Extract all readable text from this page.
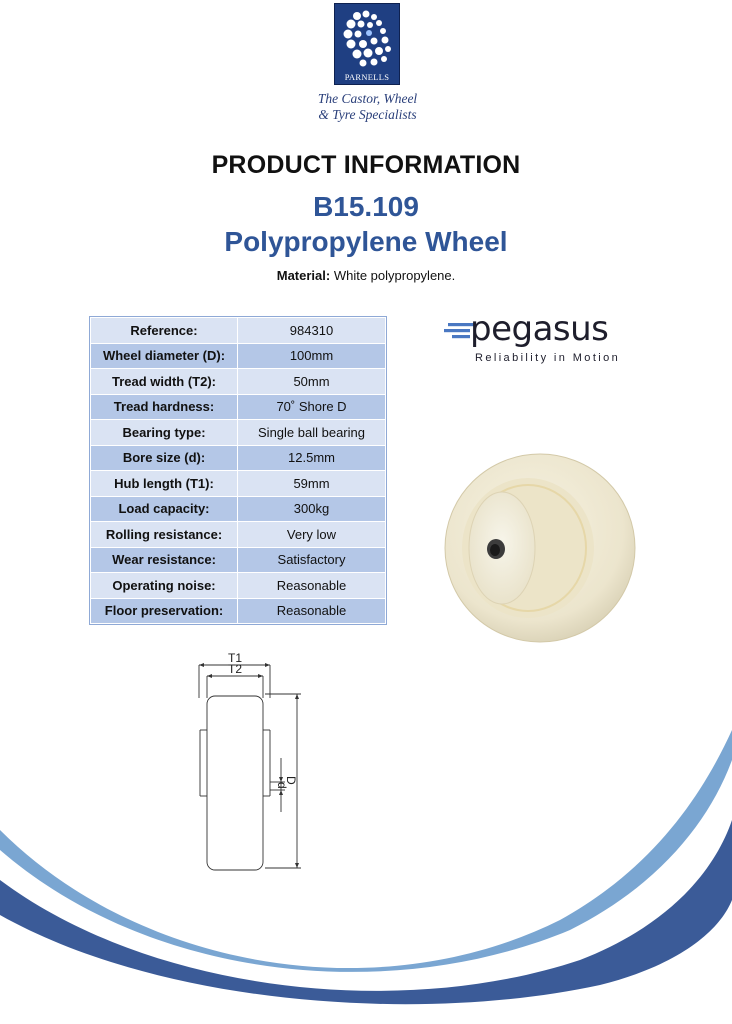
PARNELLS
The Castor, Wheel
& Tyre Specialists
PRODUCT INFORMATION
B15.109
Polypropylene Wheel
Material: White polypropylene.
Reference:	984310
Wheel diameter (D):	100mm
Tread width (T2):	50mm
Tread hardness:	70˚ Shore D
Bearing type:	Single ball bearing
Bore size (d):	12.5mm
Hub length (T1):	59mm
Load capacity:	300kg
Rolling resistance:	Very low
Wear resistance:	Satisfactory
Operating noise:	Reasonable
Floor preservation:	Reasonable
pegasus
Reliability in Motion
T1
T2
d
D
